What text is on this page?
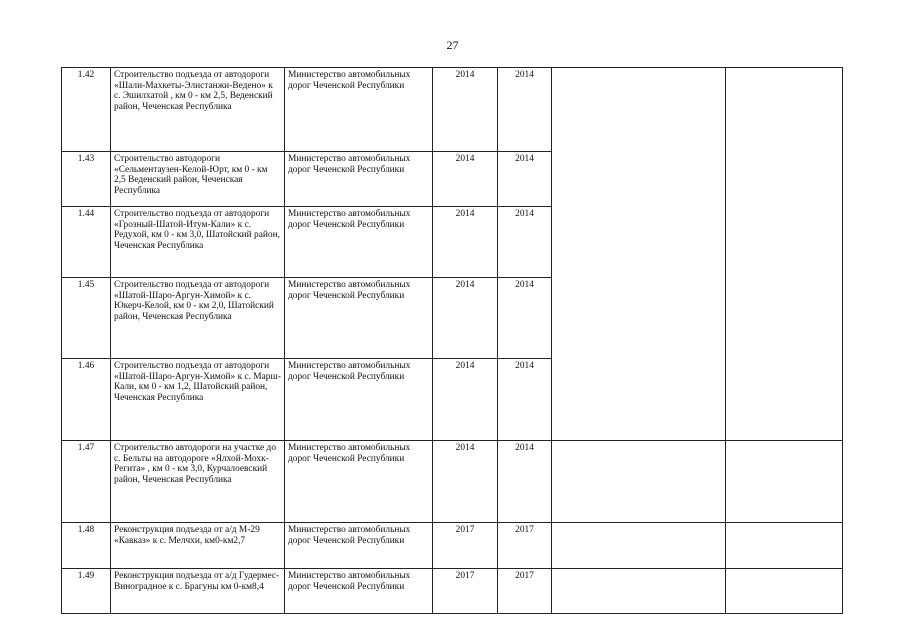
27
1.42	Строительство подъезда от автодороги «Шали-Махкеты-Элистанжи-Ведено» к с. Эшилхатой , км 0 - км 2,5, Веденский район, Чеченская Республика	Министерство автомобильных дорог Чеченской Республики	2014	2014		
1.43	Строительство автодороги «Сельментаузен-Келой-Юрт, км 0 - км 2,5 Веденский район, Чеченская Республика	Министерство автомобильных дорог Чеченской Республики	2014	2014		
1.44	Строительство подъезда от автодороги «Грозный-Шатой-Итум-Кали» к с. Редухой, км 0 - км 3,0, Шатойский район, Чеченская Республика	Министерство автомобильных дорог Чеченской Республики	2014	2014		
1.45	Строительство подъезда от автодороги «Шатой-Шаро-Аргун-Химой» к с. Юкерч-Келой, км 0 - км 2,0, Шатойский район, Чеченская Республика	Министерство автомобильных дорог Чеченской Республики	2014	2014		
1.46	Строительство подъезда от автодороги «Шатой-Шаро-Аргун-Химой» к с. Марш-Кали, км 0 - км 1,2, Шатойский район, Чеченская Республика	Министерство автомобильных дорог Чеченской Республики	2014	2014		
1.47	Строительство автодороги на участке до с. Бельты на автодороге «Ялхой-Мохк-Регита» , км 0 - км 3,0, Курчалоевский район, Чеченская Республика	Министерство автомобильных дорог Чеченской Республики	2014	2014		
1.48	Реконструкция подъезда от а/д М-29 «Кавказ» к с. Мелчхи, км0-км2,7	Министерство автомобильных дорог Чеченской Республики	2017	2017		
1.49	Реконструкция подъезда от а/д Гудермес-Виноградное к с. Брагуны км 0-км8,4	Министерство автомобильных дорог Чеченской Республики	2017	2017		
